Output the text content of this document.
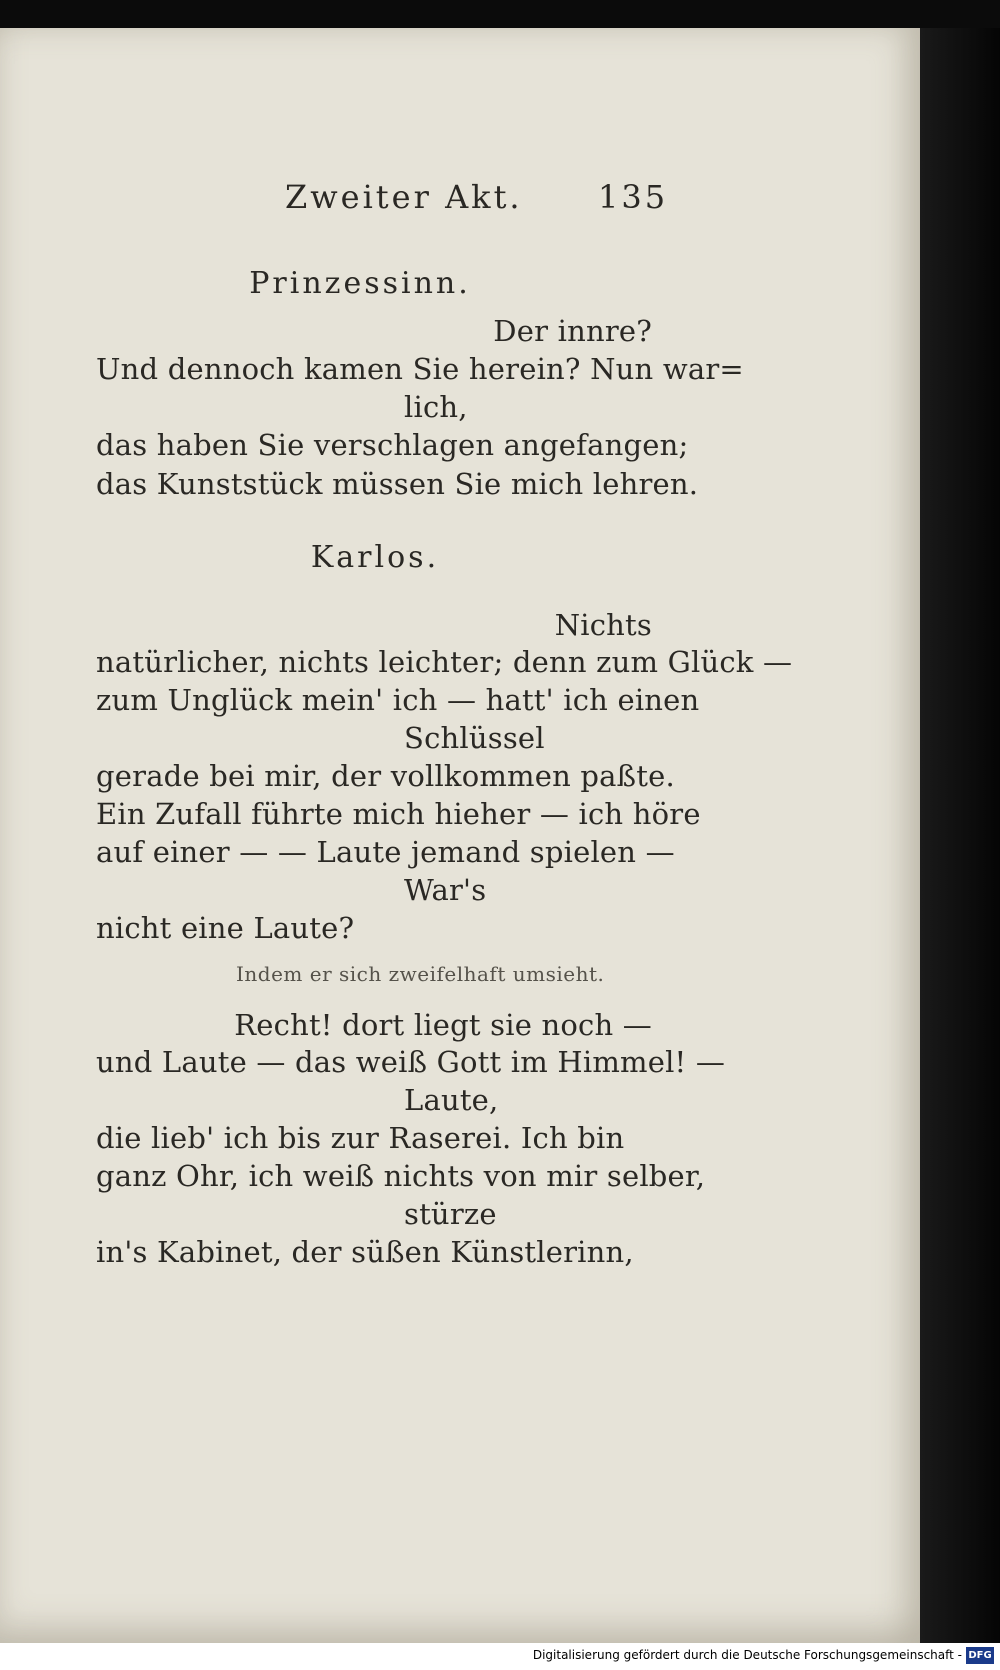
Zweiter Akt. 135
Prinzessinn.
Der innre?
Und dennoch kamen Sie herein? Nun war=
lich,
das haben Sie verschlagen angefangen;
das Kunststück müssen Sie mich lehren.
Karlos.
Nichts
natürlicher, nichts leichter; denn zum Glück —
zum Unglück mein' ich — hatt' ich einen
Schlüssel
gerade bei mir, der vollkommen paßte.
Ein Zufall führte mich hieher — ich höre
auf einer — — Laute jemand spielen —
War's
nicht eine Laute?
Indem er sich zweifelhaft umsieht.
Recht! dort liegt sie noch —
und Laute — das weiß Gott im Himmel! —
Laute,
die lieb' ich bis zur Raserei. Ich bin
ganz Ohr, ich weiß nichts von mir selber,
stürze
in's Kabinet, der süßen Künstlerinn,
Digitalisierung gefördert durch die Deutsche Forschungsgemeinschaft - DFG
